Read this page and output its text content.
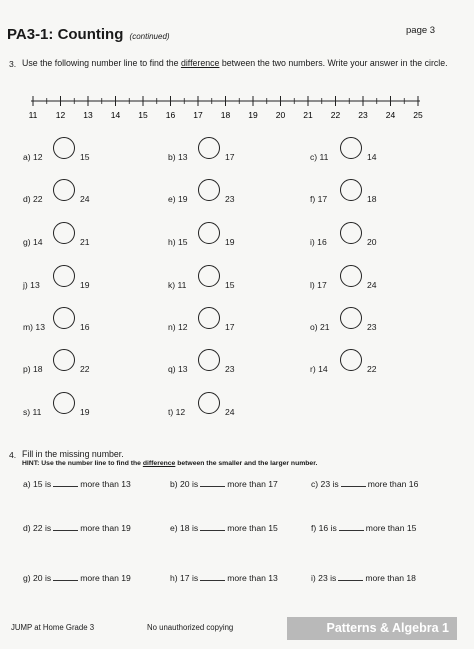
page 3
PA3-1: Counting (continued)
3. Use the following number line to find the difference between the two numbers. Write your answer in the circle.
11 12 13 14 15 16 17 18 19 20 21 22 23 24 25
a) 12	15	b) 13	17	c) 11	14
d) 22	24	e) 19	23	f) 17	18
g) 14	21	h) 15	19	i) 16	20
j) 13	19	k) 11	15	l) 17	24
m) 13	16	n) 12	17	o) 21	23
p) 18	22	q) 13	23	r) 14	22
s) 11	19	t) 12	24
4. Fill in the missing number.
HINT: Use the number line to find the difference between the smaller and the larger number.
a) 15 is	more than 13	b) 20 is	more than 17	c) 23 is	more than 16
d) 22 is	more than 19	e) 18 is	more than 15	f) 16 is	more than 15
g) 20 is	more than 19	h) 17 is	more than 13	i) 23 is	more than 18
JUMP at Home Grade 3	No unauthorized copying	Patterns & Algebra 1
